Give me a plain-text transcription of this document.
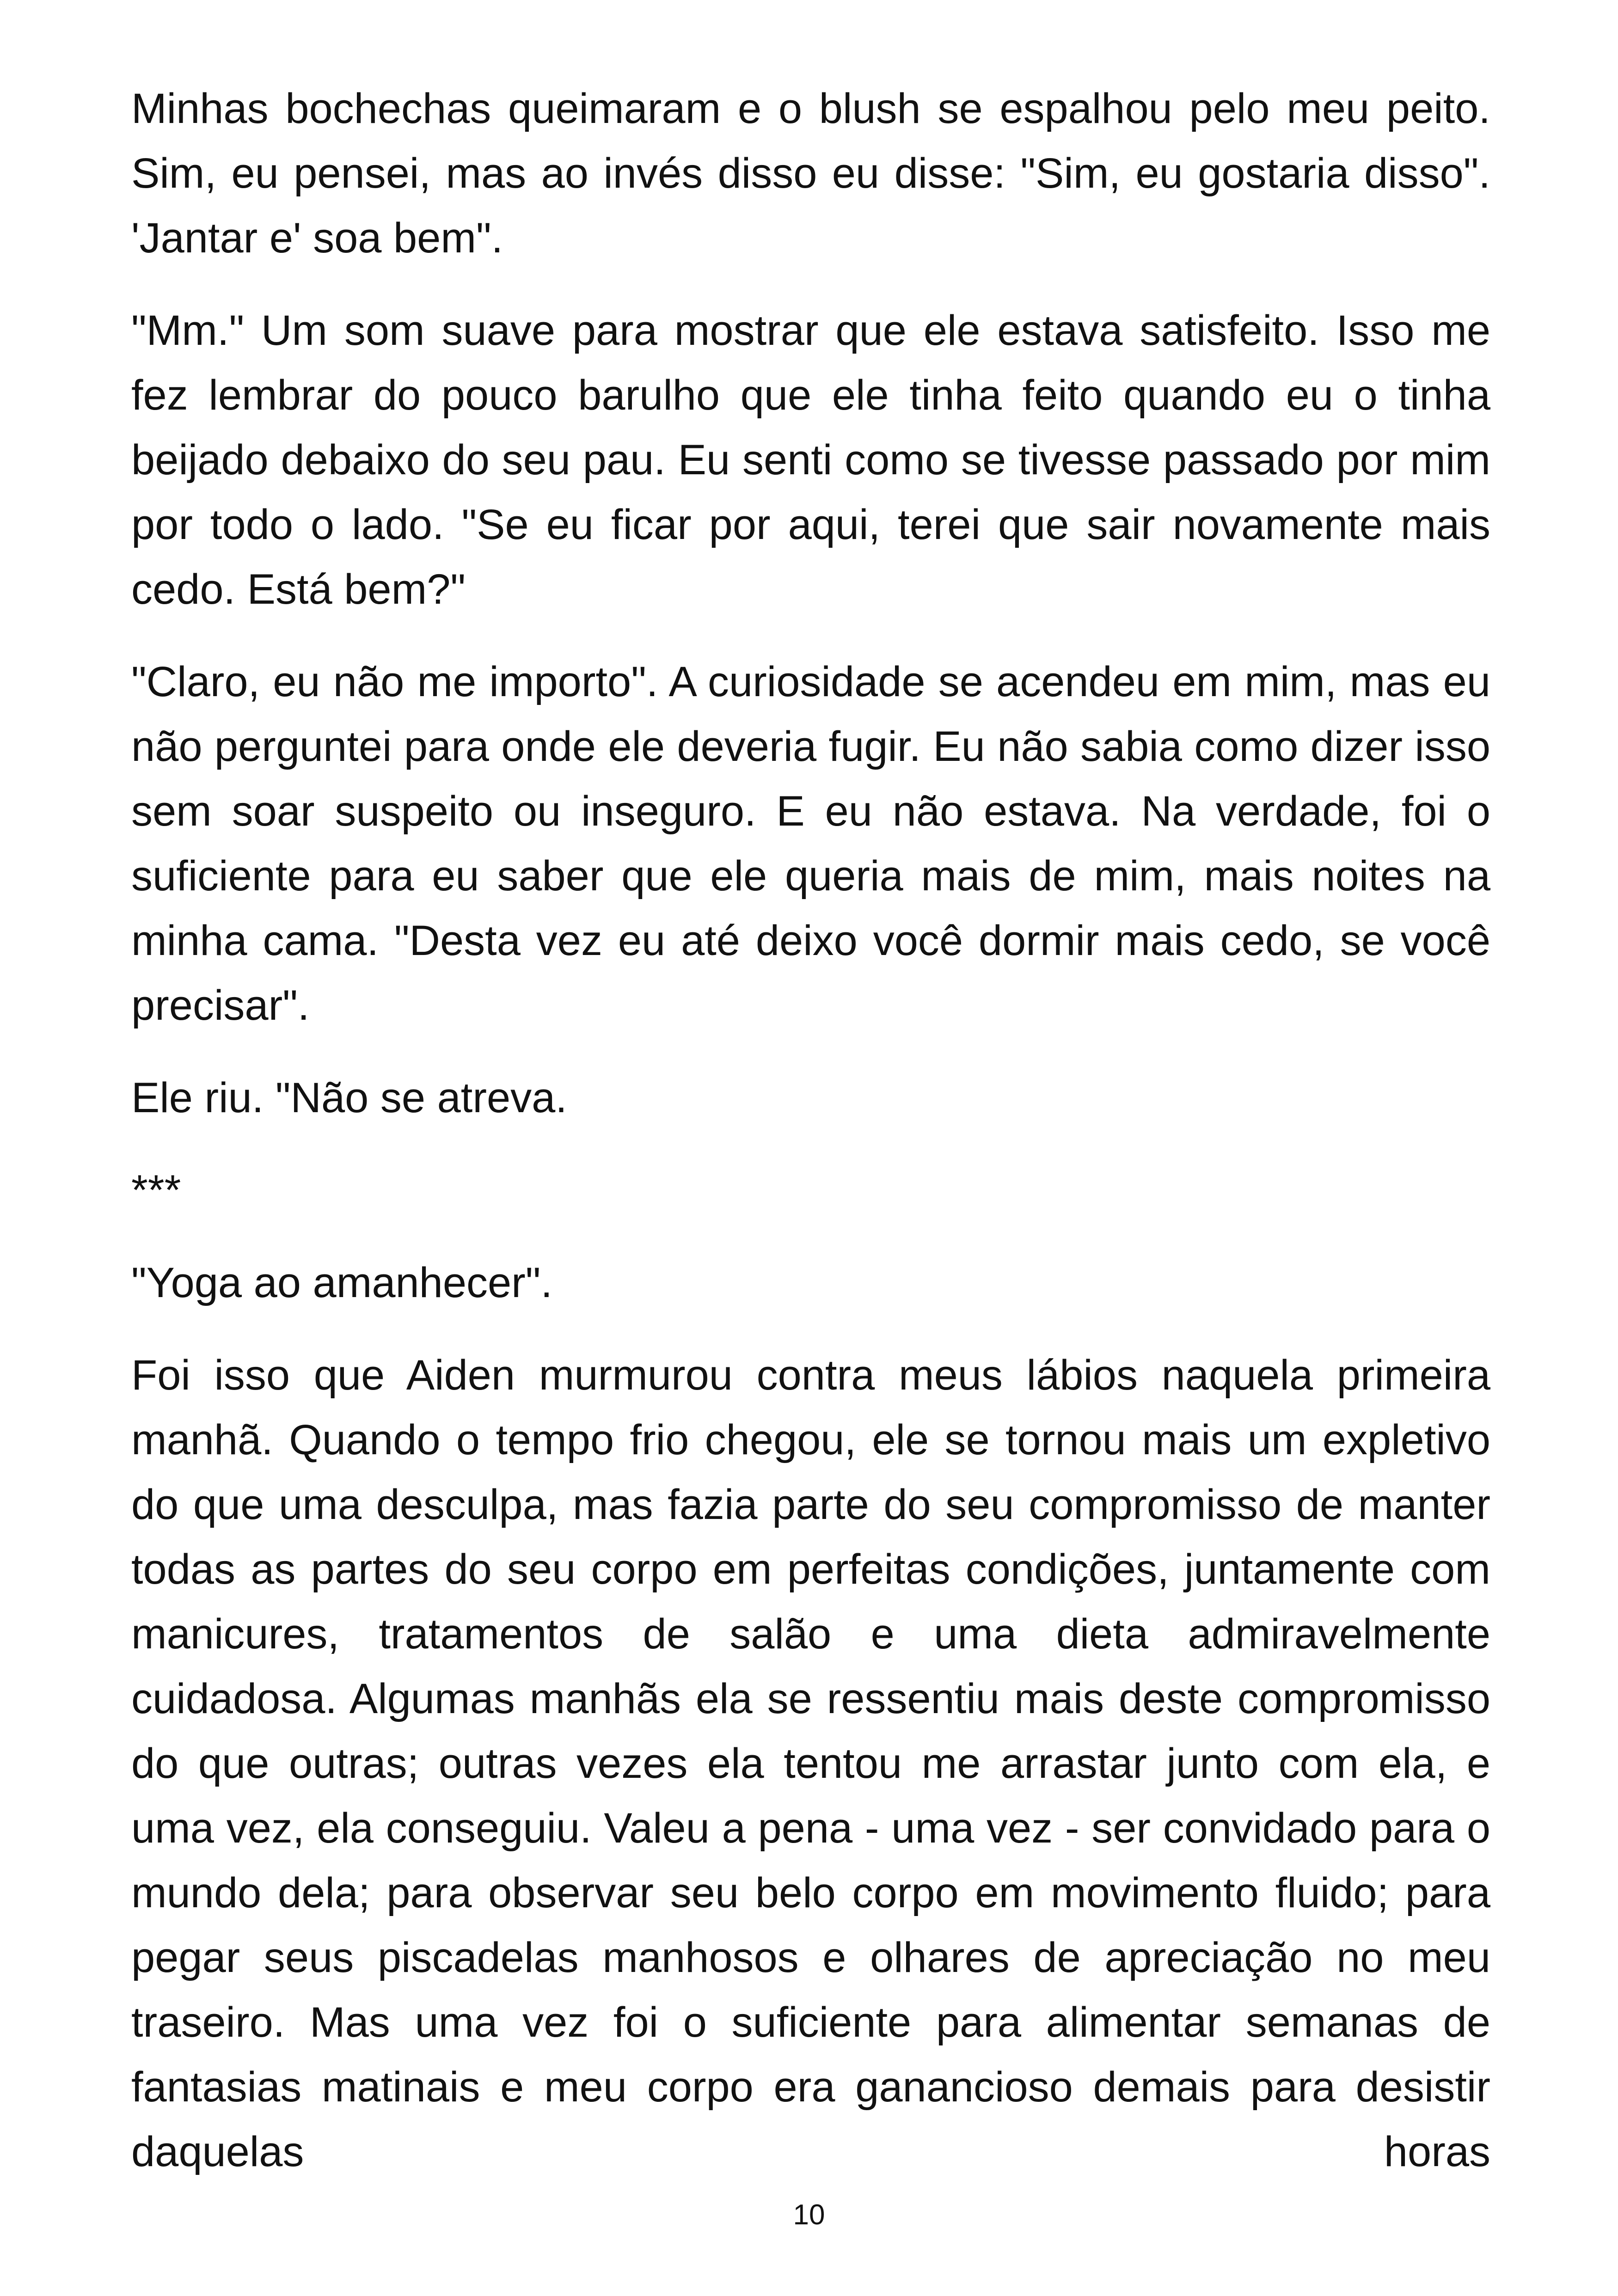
Minhas bochechas queimaram e o blush se espalhou pelo meu peito. Sim, eu pensei, mas ao invés disso eu disse: "Sim, eu gostaria disso". 'Jantar e' soa bem".

"Mm." Um som suave para mostrar que ele estava satisfeito. Isso me fez lembrar do pouco barulho que ele tinha feito quando eu o tinha beijado debaixo do seu pau. Eu senti como se tivesse passado por mim por todo o lado. "Se eu ficar por aqui, terei que sair novamente mais cedo. Está bem?"

"Claro, eu não me importo". A curiosidade se acendeu em mim, mas eu não perguntei para onde ele deveria fugir. Eu não sabia como dizer isso sem soar suspeito ou inseguro. E eu não estava. Na verdade, foi o suficiente para eu saber que ele queria mais de mim, mais noites na minha cama. "Desta vez eu até deixo você dormir mais cedo, se você precisar".

Ele riu. "Não se atreva.

***

"Yoga ao amanhecer".

Foi isso que Aiden murmurou contra meus lábios naquela primeira manhã. Quando o tempo frio chegou, ele se tornou mais um expletivo do que uma desculpa, mas fazia parte do seu compromisso de manter todas as partes do seu corpo em perfeitas condições, juntamente com manicures, tratamentos de salão e uma dieta admiravelmente cuidadosa. Algumas manhãs ela se ressentiu mais deste compromisso do que outras; outras vezes ela tentou me arrastar junto com ela, e uma vez, ela conseguiu. Valeu a pena - uma vez - ser convidado para o mundo dela; para observar seu belo corpo em movimento fluido; para pegar seus piscadelas manhosos e olhares de apreciação no meu traseiro. Mas uma vez foi o suficiente para alimentar semanas de fantasias matinais e meu corpo era ganancioso demais para desistir daquelas horas

10
